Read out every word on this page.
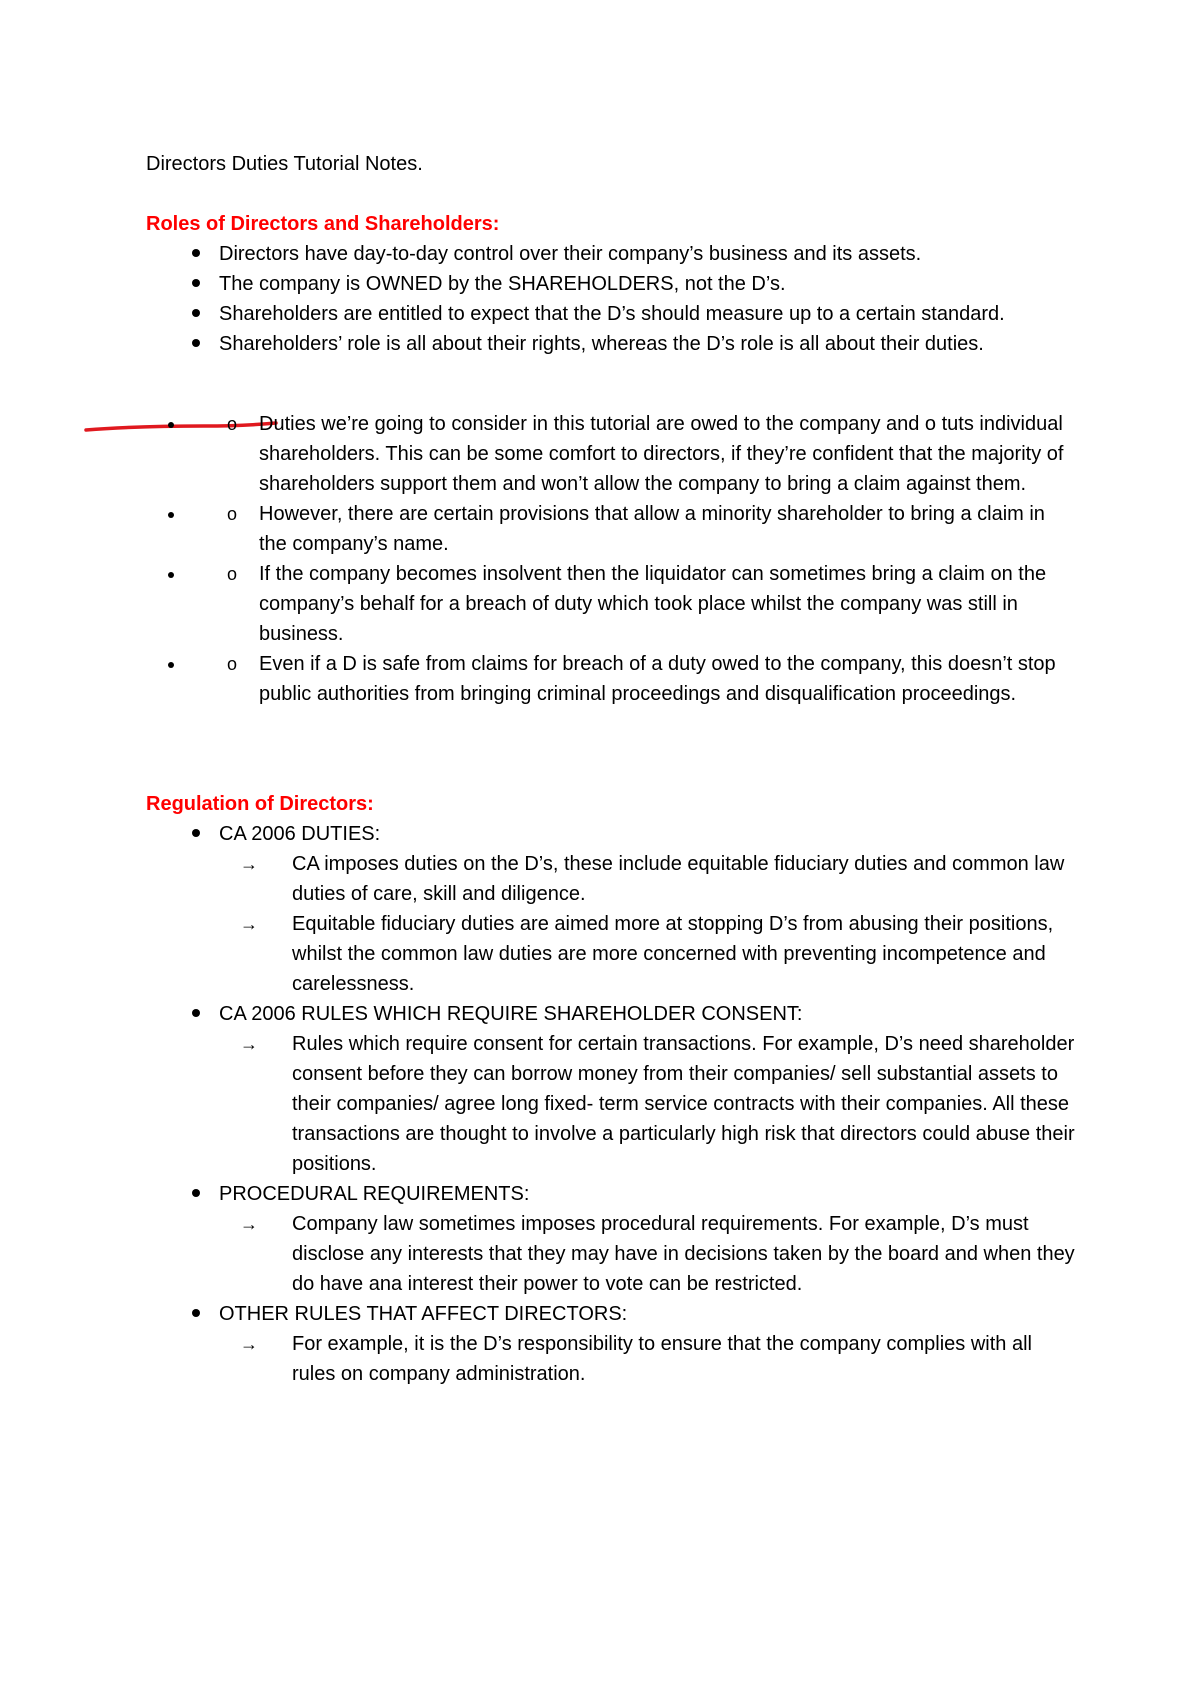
Directors Duties Tutorial Notes.

Roles of Directors and Shareholders:

Directors have day-to-day control over their company’s business and its assets.
The company is OWNED by the SHAREHOLDERS, not the D’s.
Shareholders are entitled to expect that the D’s should measure up to a certain standard.
Shareholders’ role is all about their rights, whereas the D’s role is all about their duties.
• o Duties we’re going to consider in this tutorial are owed to the company and o tuts individual shareholders. This can be some comfort to directors, if they’re confident that the majority of shareholders support them and won’t allow the company to bring a claim against them.
• o However, there are certain provisions that allow a minority shareholder to bring a claim in the company’s name.
• o If the company becomes insolvent then the liquidator can sometimes bring a claim on the company’s behalf for a breach of duty which took place whilst the company was still in business.
• o Even if a D is safe from claims for breach of a duty owed to the company, this doesn’t stop public authorities from bringing criminal proceedings and disqualification proceedings.

Regulation of Directors:

CA 2006 DUTIES:
→	CA imposes duties on the D’s, these include equitable fiduciary duties and common law duties of care, skill and diligence.
→	Equitable fiduciary duties are aimed more at stopping D’s from abusing their positions, whilst the common law duties are more concerned with preventing incompetence and carelessness.
CA 2006 RULES WHICH REQUIRE SHAREHOLDER CONSENT:
→	Rules which require consent for certain transactions. For example, D’s need shareholder consent before they can borrow money from their companies/ sell substantial assets to their companies/ agree long fixed- term service contracts with their companies. All these transactions are thought to involve a particularly high risk that directors could abuse their positions.
PROCEDURAL REQUIREMENTS:
→	Company law sometimes imposes procedural requirements. For example, D’s must disclose any interests that they may have in decisions taken by the board and when they do have ana interest their power to vote can be restricted.
OTHER RULES THAT AFFECT DIRECTORS:
→	For example, it is the D’s responsibility to ensure that the company complies with all rules on company administration.
